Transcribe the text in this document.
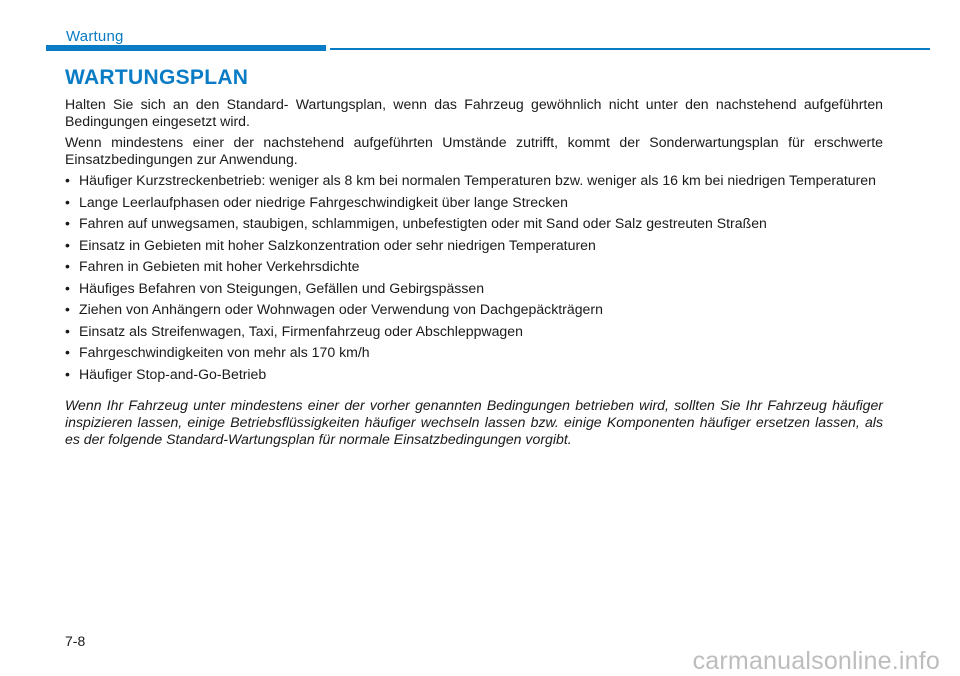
Wartung
WARTUNGSPLAN

Halten Sie sich an den Standard- Wartungsplan, wenn das Fahrzeug gewöhnlich nicht unter den nachstehend aufgeführten Bedingungen eingesetzt wird.

Wenn mindestens einer der nachstehend aufgeführten Umstände zutrifft, kommt der Sonderwartungsplan für erschwerte Einsatzbedingungen zur Anwendung.

• Häufiger Kurzstreckenbetrieb: weniger als 8 km bei normalen Temperaturen bzw. weniger als 16 km bei niedrigen Temperaturen
• Lange Leerlaufphasen oder niedrige Fahrgeschwindigkeit über lange Strecken
• Fahren auf unwegsamen, staubigen, schlammigen, unbefestigten oder mit Sand oder Salz gestreuten Straßen
• Einsatz in Gebieten mit hoher Salzkonzentration oder sehr niedrigen Temperaturen
• Fahren in Gebieten mit hoher Verkehrsdichte
• Häufiges Befahren von Steigungen, Gefällen und Gebirgspässen
• Ziehen von Anhängern oder Wohnwagen oder Verwendung von Dachgepäckträgern
• Einsatz als Streifenwagen, Taxi, Firmenfahrzeug oder Abschleppwagen
• Fahrgeschwindigkeiten von mehr als 170 km/h
• Häufiger Stop-and-Go-Betrieb

Wenn Ihr Fahrzeug unter mindestens einer der vorher genannten Bedingungen betrieben wird, sollten Sie Ihr Fahrzeug häufiger inspizieren lassen, einige Betriebsflüssigkeiten häufiger wechseln lassen bzw. einige Komponenten häufiger ersetzen lassen, als es der folgende Standard-Wartungsplan für normale Einsatzbedingungen vorgibt.

7-8
carmanualsonline.info
